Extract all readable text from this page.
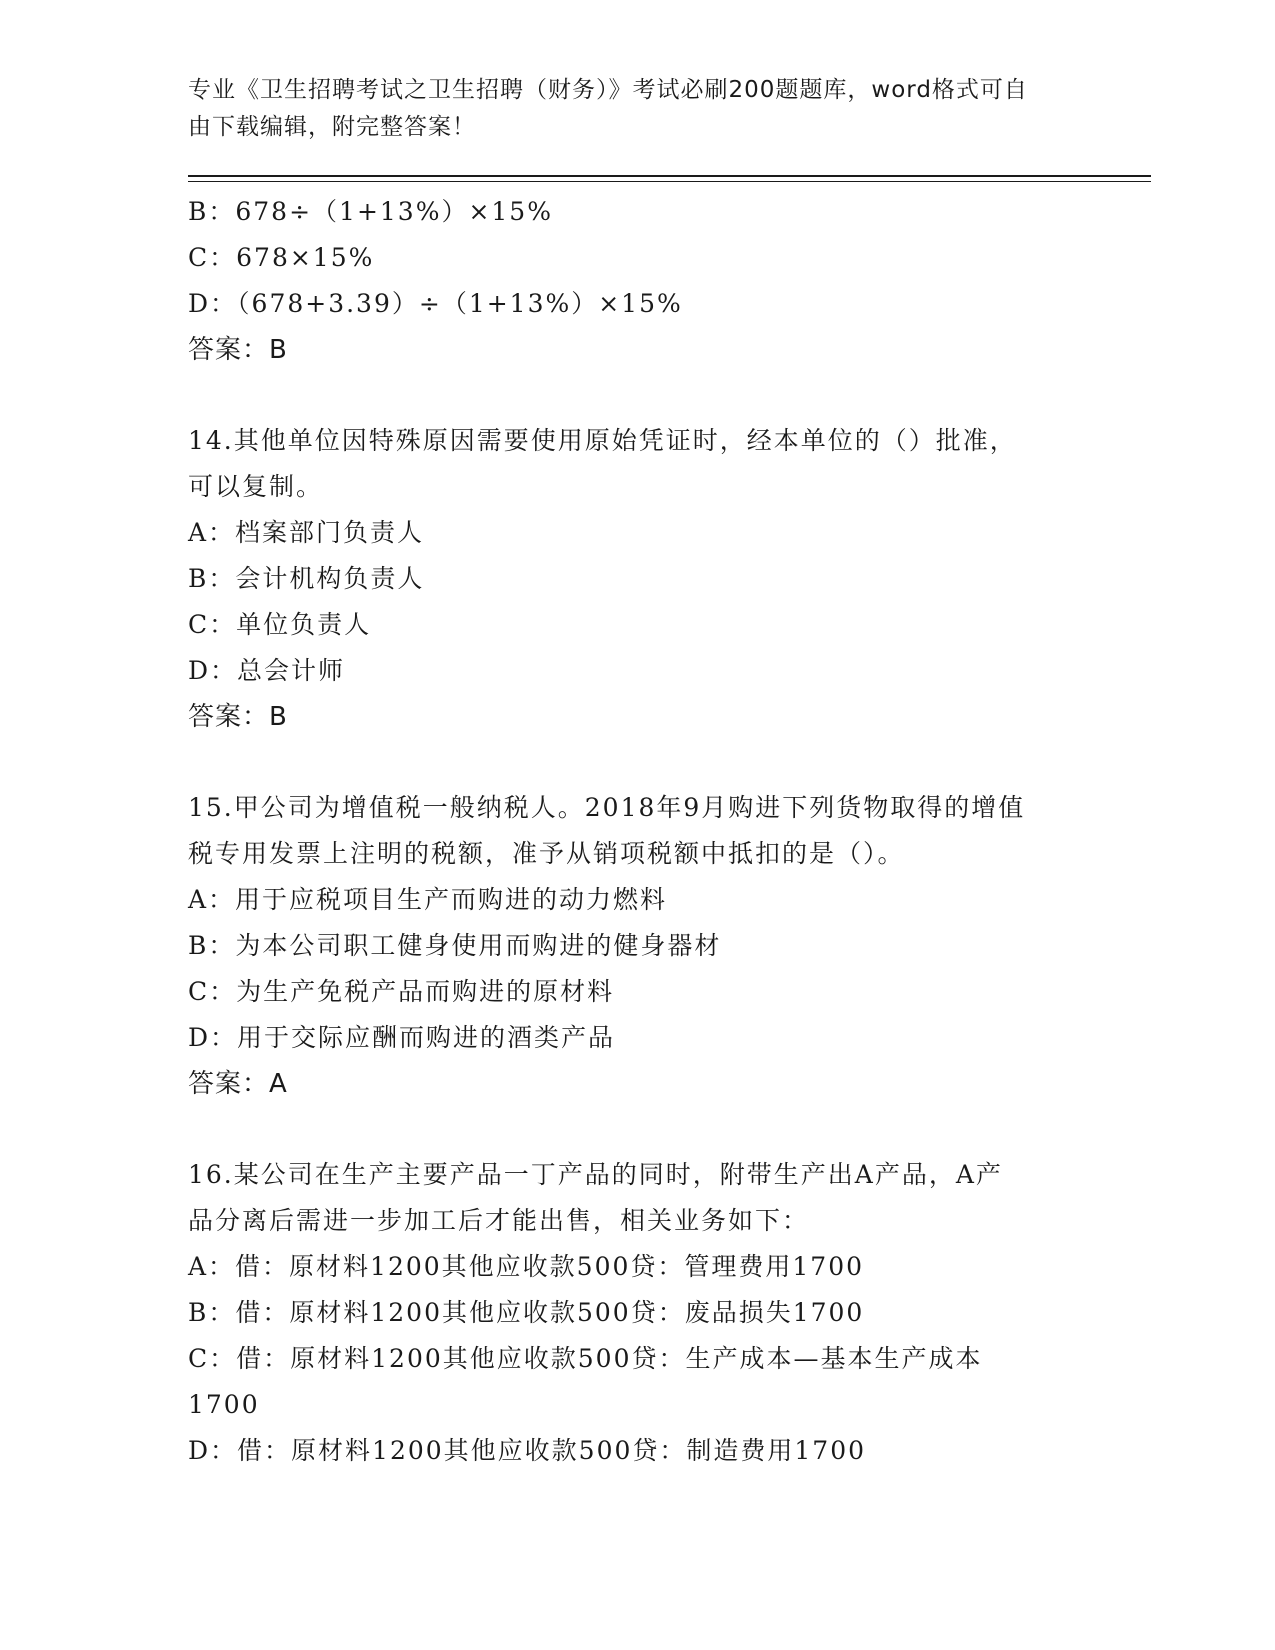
专业《卫生招聘考试之卫生招聘（财务）》考试必刷200题题库，word格式可自
由下载编辑，附完整答案！
B：678÷（1+13%）×15%
C：678×15%
D：（678+3.39）÷（1+13%）×15%
答案：B
14.其他单位因特殊原因需要使用原始凭证时，经本单位的（）批准，
可以复制。
A：档案部门负责人
B：会计机构负责人
C：单位负责人
D：总会计师
答案：B
15.甲公司为增值税一般纳税人。2018年9月购进下列货物取得的增值
税专用发票上注明的税额，准予从销项税额中抵扣的是（）。
A：用于应税项目生产而购进的动力燃料
B：为本公司职工健身使用而购进的健身器材
C：为生产免税产品而购进的原材料
D：用于交际应酬而购进的酒类产品
答案：A
16.某公司在生产主要产品一丁产品的同时，附带生产出A产品，A产
品分离后需进一步加工后才能出售，相关业务如下：
A：借：原材料1200其他应收款500贷：管理费用1700
B：借：原材料1200其他应收款500贷：废品损失1700
C：借：原材料1200其他应收款500贷：生产成本—基本生产成本
1700
D：借：原材料1200其他应收款500贷：制造费用1700
